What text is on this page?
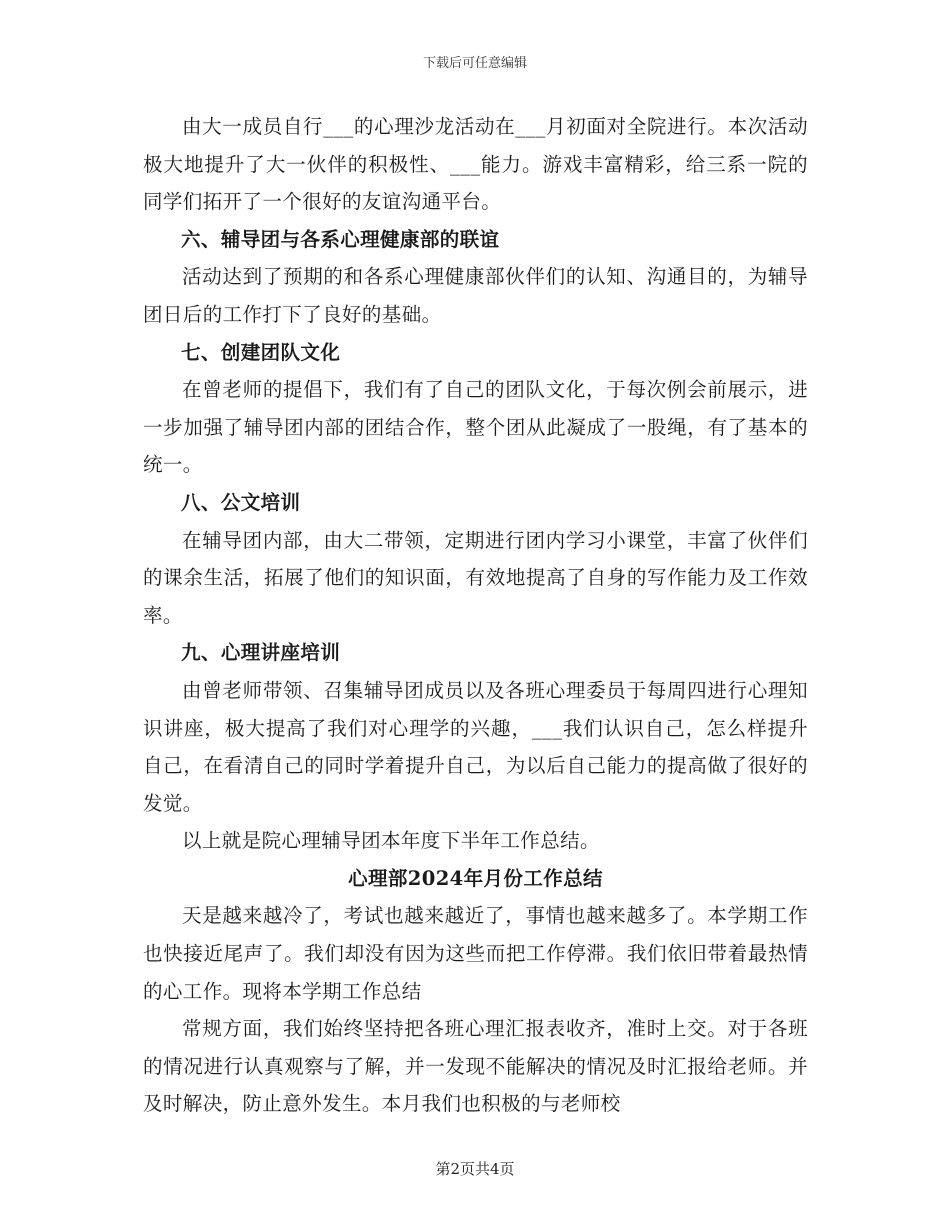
下载后可任意编辑

由大一成员自行___的心理沙龙活动在___月初面对全院进行。本次活动极大地提升了大一伙伴的积极性、___能力。游戏丰富精彩，给三系一院的同学们拓开了一个很好的友谊沟通平台。

六、辅导团与各系心理健康部的联谊

活动达到了预期的和各系心理健康部伙伴们的认知、沟通目的，为辅导团日后的工作打下了良好的基础。

七、创建团队文化

在曾老师的提倡下，我们有了自己的团队文化，于每次例会前展示，进一步加强了辅导团内部的团结合作，整个团从此凝成了一股绳，有了基本的统一。

八、公文培训

在辅导团内部，由大二带领，定期进行团内学习小课堂，丰富了伙伴们的课余生活，拓展了他们的知识面，有效地提高了自身的写作能力及工作效率。

九、心理讲座培训

由曾老师带领、召集辅导团成员以及各班心理委员于每周四进行心理知识讲座，极大提高了我们对心理学的兴趣，___我们认识自己，怎么样提升自己，在看清自己的同时学着提升自己，为以后自己能力的提高做了很好的发觉。

以上就是院心理辅导团本年度下半年工作总结。

心理部2024年月份工作总结

天是越来越冷了，考试也越来越近了，事情也越来越多了。本学期工作也快接近尾声了。我们却没有因为这些而把工作停滞。我们依旧带着最热情的心工作。现将本学期工作总结

常规方面，我们始终坚持把各班心理汇报表收齐，准时上交。对于各班的情况进行认真观察与了解，并一发现不能解决的情况及时汇报给老师。并及时解决，防止意外发生。本月我们也积极的与老师校

第2页共4页
